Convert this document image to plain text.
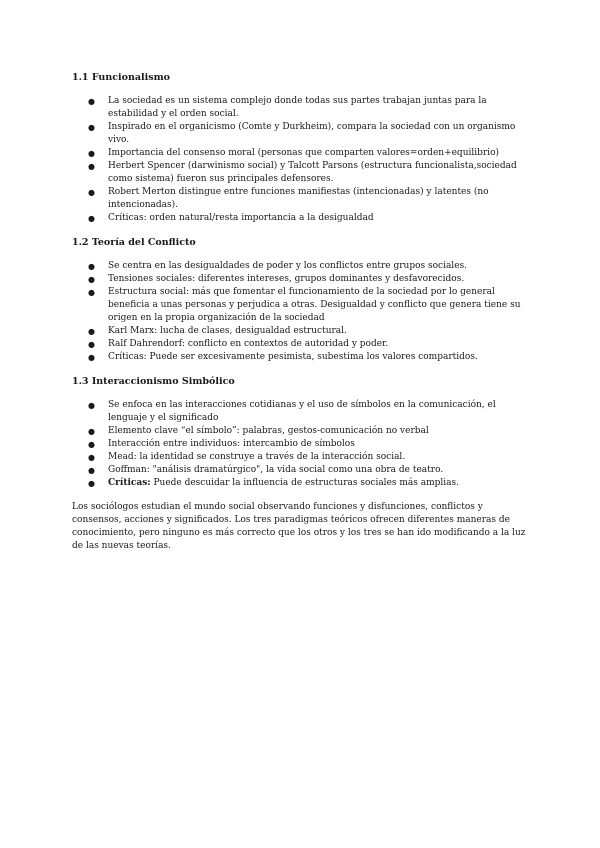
1.1 Funcionalismo
● La sociedad es un sistema complejo donde todas sus partes trabajan juntas para la estabilidad y el orden social.
● Inspirado en el organicismo (Comte y Durkheim), compara la sociedad con un organismo vivo.
● Importancia del consenso moral (personas que comparten valores=orden+equilibrio)
● Herbert Spencer (darwinismo social) y Talcott Parsons (estructura funcionalista,sociedad como sistema) fueron sus principales defensores.
● Robert Merton distingue entre funciones manifiestas (intencionadas) y latentes (no intencionadas).
● Críticas: orden natural/resta importancia a la desigualdad
1.2 Teoría del Conflicto
● Se centra en las desigualdades de poder y los conflictos entre grupos sociales.
● Tensiones sociales: diferentes intereses, grupos dominantes y desfavorecidos.
● Estructura social: más que fomentar el funcionamiento de la sociedad por lo general beneficia a unas personas y perjudica a otras. Desigualdad y conflicto que genera tiene su origen en la propia organización de la sociedad
● Karl Marx: lucha de clases, desigualdad estructural.
● Ralf Dahrendorf: conflicto en contextos de autoridad y poder.
● Críticas: Puede ser excesivamente pesimista, subestima los valores compartidos.
1.3 Interaccionismo Simbólico
● Se enfoca en las interacciones cotidianas y el uso de símbolos en la comunicación, el lenguaje y el significado
● Elemento clave “el símbolo”: palabras, gestos-comunicación no verbal
● Interacción entre individuos: intercambio de símbolos
● Mead: la identidad se construye a través de la interacción social.
● Goffman: "análisis dramatúrgico", la vida social como una obra de teatro.
● Críticas: Puede descuidar la influencia de estructuras sociales más amplias.

Los sociólogos estudian el mundo social observando funciones y disfunciones, conflictos y consensos, acciones y significados. Los tres paradigmas teóricos ofrecen diferentes maneras de conocimiento, pero ninguno es más correcto que los otros y los tres se han ido modificando a la luz de las nuevas teorías.
